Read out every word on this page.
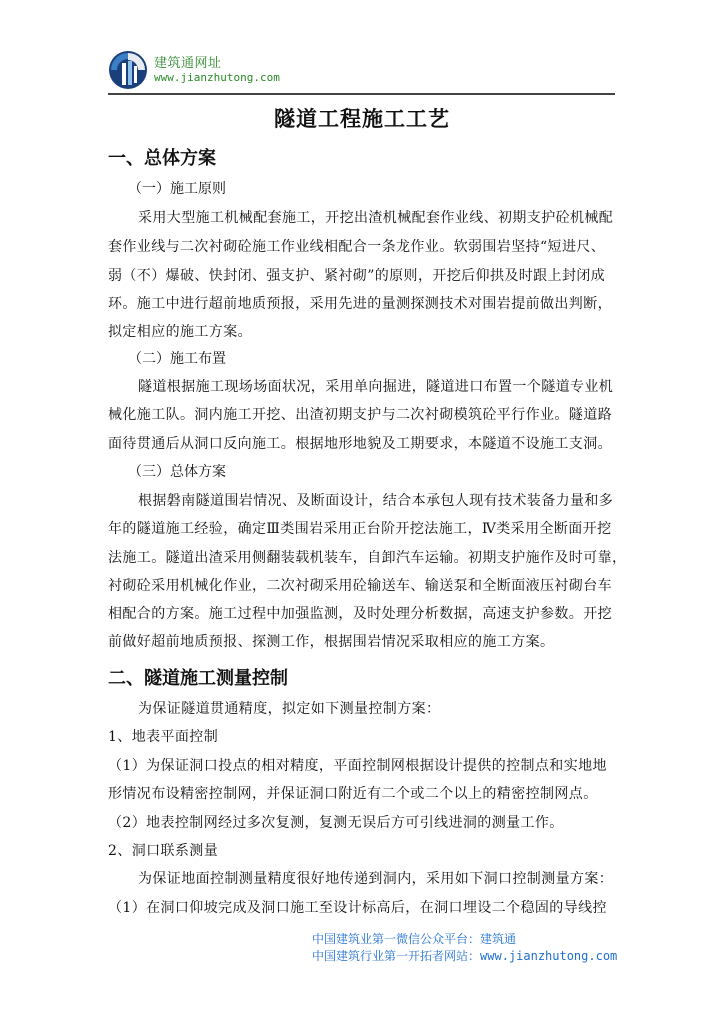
建筑通网址
www.jianzhutong.com
隧道工程施工工艺
一、总体方案
（一）施工原则
采用大型施工机械配套施工，开挖出渣机械配套作业线、初期支护砼机械配
套作业线与二次衬砌砼施工作业线相配合一条龙作业。软弱围岩坚持“短进尺、
弱（不）爆破、快封闭、强支护、紧衬砌”的原则，开挖后仰拱及时跟上封闭成
环。施工中进行超前地质预报，采用先进的量测探测技术对围岩提前做出判断，
拟定相应的施工方案。
（二）施工布置
隧道根据施工现场场面状况，采用单向掘进，隧道进口布置一个隧道专业机
械化施工队。洞内施工开挖、出渣初期支护与二次衬砌模筑砼平行作业。隧道路
面待贯通后从洞口反向施工。根据地形地貌及工期要求，本隧道不设施工支洞。
（三）总体方案
根据磐南隧道围岩情况、及断面设计，结合本承包人现有技术装备力量和多
年的隧道施工经验，确定Ⅲ类围岩采用正台阶开挖法施工，Ⅳ类采用全断面开挖
法施工。隧道出渣采用侧翻装载机装车，自卸汽车运输。初期支护施作及时可靠，
衬砌砼采用机械化作业，二次衬砌采用砼输送车、输送泵和全断面液压衬砌台车
相配合的方案。施工过程中加强监测，及时处理分析数据，高速支护参数。开挖
前做好超前地质预报、探测工作，根据围岩情况采取相应的施工方案。
二、隧道施工测量控制
为保证隧道贯通精度，拟定如下测量控制方案：
1、地表平面控制
（1）为保证洞口投点的相对精度，平面控制网根据设计提供的控制点和实地地
形情况布设精密控制网，并保证洞口附近有二个或二个以上的精密控制网点。
（2）地表控制网经过多次复测，复测无误后方可引线进洞的测量工作。
2、洞口联系测量
为保证地面控制测量精度很好地传递到洞内，采用如下洞口控制测量方案：
（1）在洞口仰坡完成及洞口施工至设计标高后，在洞口埋设二个稳固的导线控
中国建筑业第一微信公众平台：建筑通
中国建筑行业第一开拓者网站：www.jianzhutong.com
